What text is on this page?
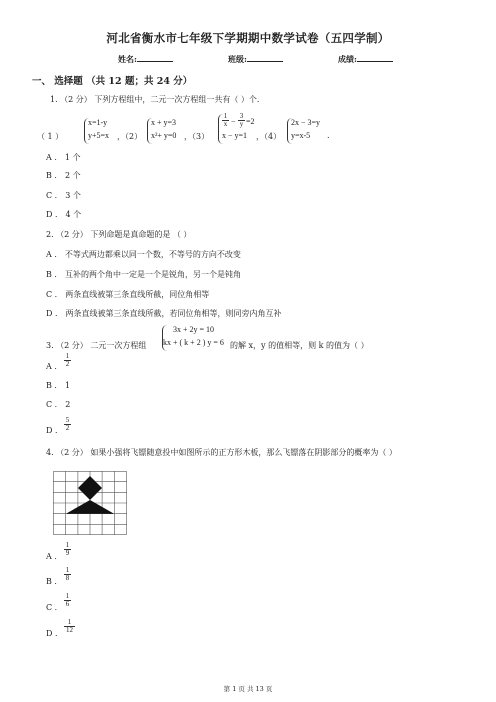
河北省衡水市七年级下学期期中数学试卷（五四学制）
姓名:	班级:	成绩:
一、 选择题 （共 12 题；共 24 分）
1. （2 分） 下列方程组中，二元一次方程组一共有（ ）个.
（ 1 ）
x=1-y
y+5=x ，（2）
x + y=3
x²+ y=0 ，（3）
$\frac{1}{x} - \frac{3}{y} =2$
x − y=1 ，（4）
2x − 3=y
y=x-5 .
A ． 1 个
B ． 2 个
C ． 3 个
D ． 4 个
2. （2 分） 下列命题是真命题的是 （ ）
A ． 不等式两边都乘以同一个数，不等号的方向不改变
B ． 互补的两个角中一定是一个是锐角，另一个是钝角
C ． 两条直线被第三条直线所截，同位角相等
D ． 两条直线被第三条直线所截，若同位角相等，则同旁内角互补
3. （2 分） 二元一次方程组
3x + 2y = 10
kx + ( k + 2 ) y = 6 的解 x，y 的值相等，则 k 的值为（ ）
A ． $\frac{1}{2}$
B ． 1
C ． 2
D ． $\frac{5}{2}$
4. （2 分） 如果小强将飞镖随意投中如图所示的正方形木板，那么飞镖落在阴影部分的概率为（ ）
A ． $\frac{1}{9}$
B ． $\frac{1}{8}$
C ． $\frac{1}{6}$
D ． $\frac{1}{12}$
第 1 页 共 13 页
